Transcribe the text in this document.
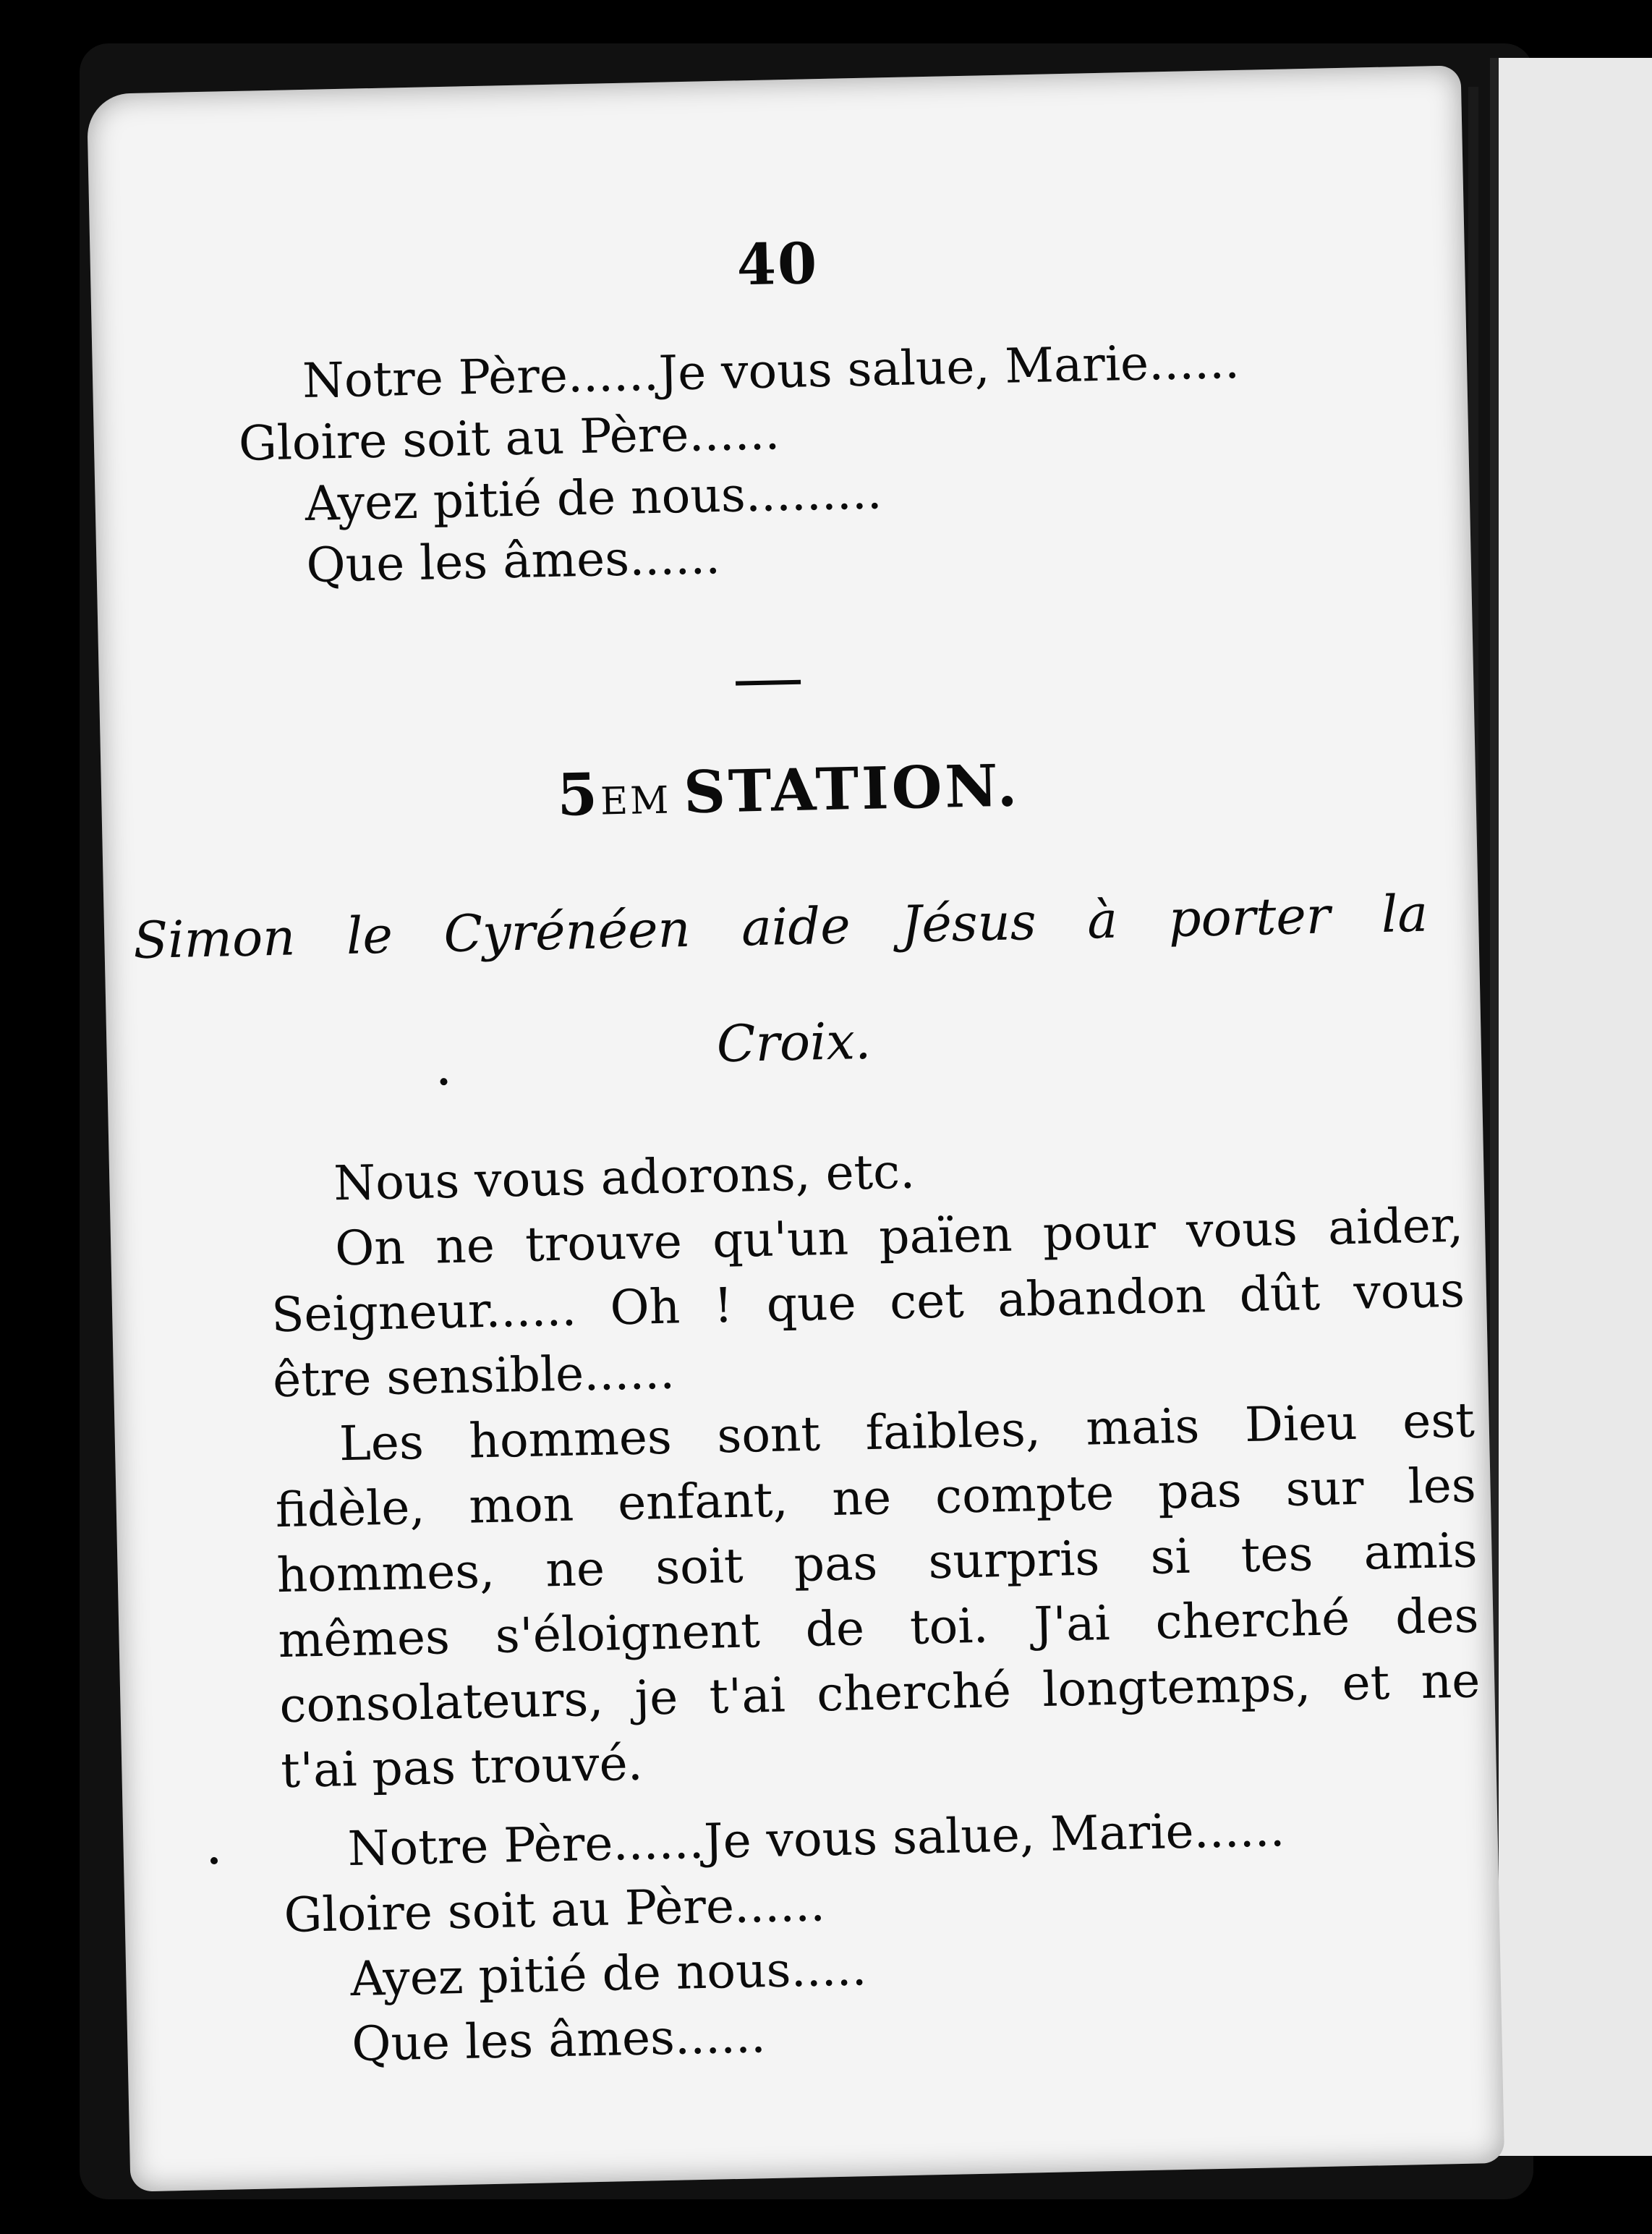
40
Notre Père......Je vous salue, Marie......
Gloire soit au Père......
Ayez pitié de nous.........
Que les âmes......
5EM STATION.
Simon le Cyrénéen aide Jésus à porter la
Croix.
Nous vous adorons, etc.
On ne trouve qu'un païen pour vous aider,
Seigneur...... Oh ! que cet abandon dût vous
être sensible......
Les hommes sont faibles, mais Dieu est
fidèle, mon enfant, ne compte pas sur les
hommes, ne soit pas surpris si tes amis
mêmes s'éloignent de toi. J'ai cherché des
consolateurs, je t'ai cherché longtemps, et ne
t'ai pas trouvé.
Notre Père......Je vous salue, Marie......
Gloire soit au Père......
Ayez pitié de nous.....
Que les âmes......
